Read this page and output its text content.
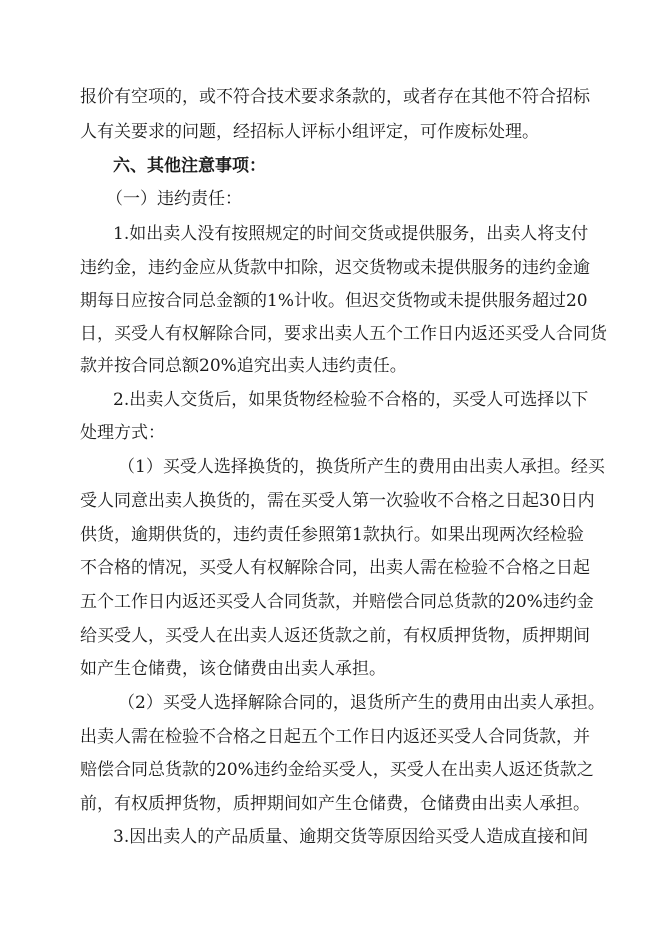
报价有空项的，或不符合技术要求条款的，或者存在其他不符合招标
人有关要求的问题，经招标人评标小组评定，可作废标处理。
六、其他注意事项：
（一）违约责任：
1.如出卖人没有按照规定的时间交货或提供服务，出卖人将支付
违约金，违约金应从货款中扣除，迟交货物或未提供服务的违约金逾
期每日应按合同总金额的1%计收。但迟交货物或未提供服务超过20
日，买受人有权解除合同，要求出卖人五个工作日内返还买受人合同货
款并按合同总额20%追究出卖人违约责任。
2.出卖人交货后，如果货物经检验不合格的，买受人可选择以下
处理方式：
（1）买受人选择换货的，换货所产生的费用由出卖人承担。经买
受人同意出卖人换货的，需在买受人第一次验收不合格之日起30日内
供货，逾期供货的，违约责任参照第1款执行。如果出现两次经检验
不合格的情况，买受人有权解除合同，出卖人需在检验不合格之日起
五个工作日内返还买受人合同货款，并赔偿合同总货款的20%违约金
给买受人，买受人在出卖人返还货款之前，有权质押货物，质押期间
如产生仓储费，该仓储费由出卖人承担。
（2）买受人选择解除合同的，退货所产生的费用由出卖人承担。
出卖人需在检验不合格之日起五个工作日内返还买受人合同货款，并
赔偿合同总货款的20%违约金给买受人，买受人在出卖人返还货款之
前，有权质押货物，质押期间如产生仓储费，仓储费由出卖人承担。
3.因出卖人的产品质量、逾期交货等原因给买受人造成直接和间
